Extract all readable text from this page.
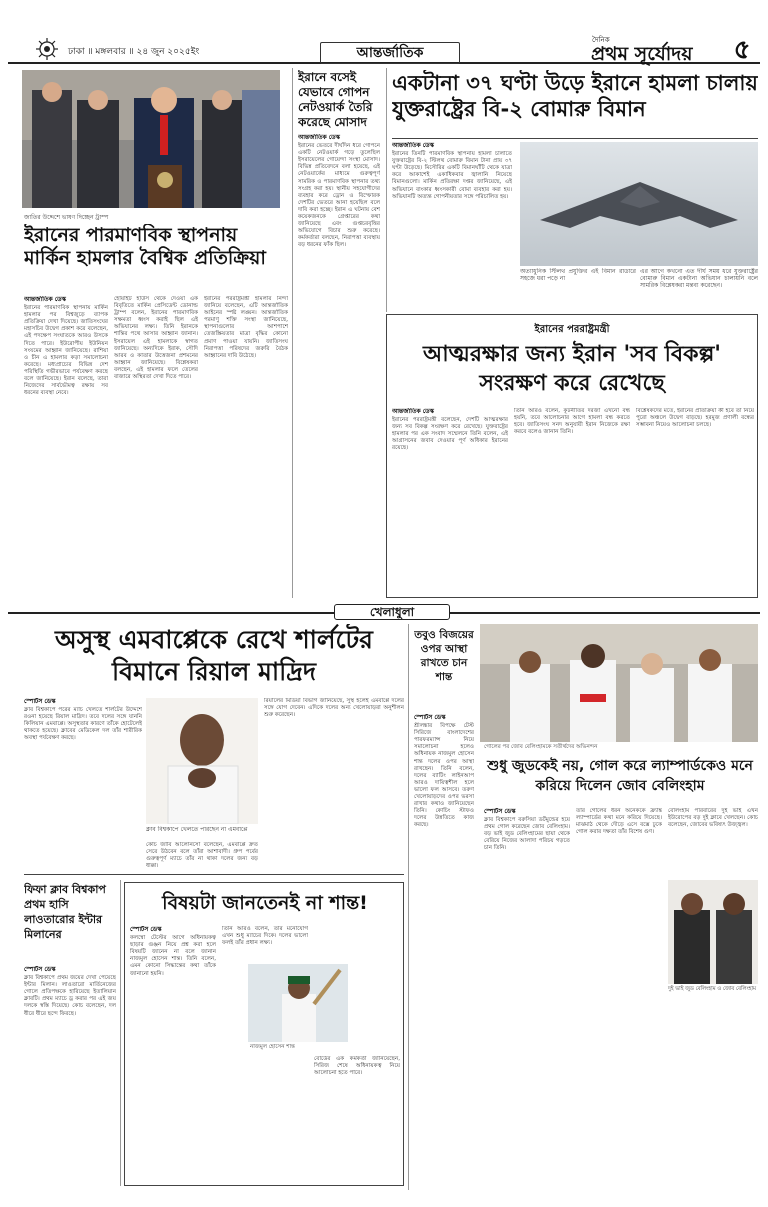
ঢাকা ॥ মঙ্গলবার ॥ ২৪ জুন ২০২৫ইং	আন্তর্জাতিক
দৈনিক
প্রথম সূর্যোদয়	৫
জাতির উদ্দেশে ভাষণ দিচ্ছেন ট্রাম্প
ইরানের পারমাণবিক স্থাপনায় মার্কিন হামলার বৈশ্বিক প্রতিক্রিয়া
আন্তর্জাতিক ডেস্ক
ইরানের পারমাণবিক স্থাপনায় মার্কিন হামলার পর বিশ্বজুড়ে ব্যাপক প্রতিক্রিয়া দেখা দিয়েছে। জাতিসংঘের মহাসচিব উদ্বেগ প্রকাশ করে বলেছেন, এই পদক্ষেপ সংঘাতকে আরও উসকে দিতে পারে। ইউরোপীয় ইউনিয়ন সংযমের আহ্বান জানিয়েছে। রাশিয়া ও চীন এ হামলার কড়া সমালোচনা করেছে। মধ্যপ্রাচ্যের বিভিন্ন দেশ পরিস্থিতি গভীরভাবে পর্যবেক্ষণ করছে বলে জানিয়েছে। ইরান বলেছে, তারা নিজেদের সার্বভৌমত্ব রক্ষায় সব ধরনের ব্যবস্থা নেবে।
হোয়াইট হাউস থেকে দেওয়া এক বিবৃতিতে মার্কিন প্রেসিডেন্ট ডোনাল্ড ট্রাম্প বলেন, ইরানের পারমাণবিক সক্ষমতা ধ্বংস করাই ছিল এই অভিযানের লক্ষ্য। তিনি ইরানকে শান্তির পথে আসার আহ্বান জানান। ইসরায়েল এই হামলাকে স্বাগত জানিয়েছে। অন্যদিকে ইরাক, সৌদি আরব ও কাতার উত্তেজনা প্রশমনের আহ্বান জানিয়েছে। বিশ্লেষকরা বলছেন, এই হামলার ফলে তেলের বাজারে অস্থিরতা দেখা দিতে পারে।
ইরানের পররাষ্ট্রমন্ত্রী হামলার নিন্দা জানিয়ে বলেছেন, এটি আন্তর্জাতিক আইনের স্পষ্ট লঙ্ঘন। আন্তর্জাতিক পরমাণু শক্তি সংস্থা জানিয়েছে, স্থাপনাগুলোর আশপাশে তেজস্ক্রিয়তার মাত্রা বৃদ্ধির কোনো প্রমাণ পাওয়া যায়নি। জাতিসংঘ নিরাপত্তা পরিষদের জরুরি বৈঠক আহ্বানের দাবি উঠেছে।
ইরানে বসেই যেভাবে গোপন নেটওয়ার্ক তৈরি করেছে মোসাদ
আন্তর্জাতিক ডেস্ক
ইরানের ভেতরে দীর্ঘদিন ধরে গোপনে একটি নেটওয়ার্ক গড়ে তুলেছিল ইসরায়েলের গোয়েন্দা সংস্থা মোসাদ। বিভিন্ন প্রতিবেদনে বলা হয়েছে, এই নেটওয়ার্কের মাধ্যমে গুরুত্বপূর্ণ সামরিক ও পারমাণবিক স্থাপনার তথ্য সংগ্রহ করা হয়। স্থানীয় সহযোগীদের ব্যবহার করে ড্রোন ও বিস্ফোরক দেশটির ভেতরে আনা হয়েছিল বলে দাবি করা হচ্ছে। ইরান এ ঘটনায় বেশ কয়েকজনকে গ্রেপ্তারের কথা জানিয়েছে এবং গুপ্তচরবৃত্তির অভিযোগে বিচার শুরু করেছে। কর্মকর্তারা বলছেন, নিরাপত্তা ব্যবস্থায় বড় ধরনের ফাঁক ছিল।
একটানা ৩৭ ঘণ্টা উড়ে ইরানে হামলা চালায় যুক্তরাষ্ট্রের বি-২ বোমারু বিমান
আন্তর্জাতিক ডেস্ক
ইরানের তিনটি পারমাণবিক স্থাপনায় হামলা চালাতে যুক্তরাষ্ট্রের বি-২ স্টিলথ বোমারু বিমান টানা প্রায় ৩৭ ঘণ্টা উড়েছে। মিসৌরির একটি বিমানঘাঁটি থেকে যাত্রা করে আকাশেই একাধিকবার জ্বালানি নিয়েছে বিমানগুলো। মার্কিন প্রতিরক্ষা দপ্তর জানিয়েছে, এই অভিযানে বাংকার ধ্বংসকারী বোমা ব্যবহার করা হয়। অভিযানটি অত্যন্ত গোপনীয়তার সঙ্গে পরিচালিত হয়।
অত্যাধুনিক স্টিলথ প্রযুক্তির এই বিমান রাডারে সহজে ধরা পড়ে না
এর আগে কখনো এত দীর্ঘ সময় ধরে যুক্তরাষ্ট্রের বোমারু বিমান একটানা অভিযান চালায়নি বলে সামরিক বিশ্লেষকরা মন্তব্য করেছেন।
ইরানের পররাষ্ট্রমন্ত্রী
আত্মরক্ষার জন্য ইরান 'সব বিকল্প' সংরক্ষণ করে রেখেছে
আন্তর্জাতিক ডেস্ক
ইরানের পররাষ্ট্রমন্ত্রী বলেছেন, দেশটি আত্মরক্ষার জন্য সব বিকল্প সংরক্ষণ করে রেখেছে। যুক্তরাষ্ট্রের হামলার পর এক সংবাদ সম্মেলনে তিনি বলেন, এই আগ্রাসনের জবাব দেওয়ার পূর্ণ অধিকার ইরানের রয়েছে।
তিনি আরও বলেন, কূটনীতির দরজা এখনো বন্ধ হয়নি, তবে আলোচনার আগে হামলা বন্ধ করতে হবে। জাতিসংঘ সনদ অনুযায়ী ইরান নিজেকে রক্ষা করবে বলেও জানান তিনি।
বিশ্লেষকদের মতে, ইরানের প্রতিক্রিয়া কী হবে তা নিয়ে পুরো অঞ্চলে উদ্বেগ বাড়ছে। হরমুজ প্রণালী বন্ধের সম্ভাবনা নিয়েও আলোচনা চলছে।
খেলাধুলা
অসুস্থ এমবাপ্পেকে রেখে শার্লটের বিমানে রিয়াল মাদ্রিদ
স্পোর্টস ডেস্ক
ক্লাব বিশ্বকাপে পরের ম্যাচ খেলতে শার্লটের উদ্দেশে রওনা হয়েছে রিয়াল মাদ্রিদ। তবে দলের সঙ্গে যাননি কিলিয়ান এমবাপ্পে। অসুস্থতার কারণে তাঁকে হোটেলেই থাকতে হয়েছে। ক্লাবের মেডিকেল দল তাঁর শারীরিক অবস্থা পর্যবেক্ষণ করছে।
ক্লাব বিশ্বকাপে খেলতে পারছেন না এমবাপ্পে
কোচ জাবি আলোনসো বলেছেন, এমবাপ্পে দ্রুত সেরে উঠবেন বলে তাঁরা আশাবাদী। গ্রুপ পর্বের গুরুত্বপূর্ণ ম্যাচে তাঁর না থাকা দলের জন্য বড় ধাক্কা।
রিয়ালের মিডিয়া বিভাগ জানিয়েছে, সুস্থ হলেই এমবাপ্পে দলের সঙ্গে যোগ দেবেন। এদিকে দলের অন্য খেলোয়াড়রা অনুশীলন শুরু করেছেন।
তবুও বিজয়ের ওপর আস্থা রাখতে চান শান্ত
স্পোর্টস ডেস্ক
শ্রীলঙ্কার বিপক্ষে টেস্ট সিরিজে বাংলাদেশের পারফরম্যান্স নিয়ে সমালোচনা হলেও অধিনায়ক নাজমুল হোসেন শান্ত দলের ওপর আস্থা রাখছেন। তিনি বলেন, দলের ব্যাটিং লাইনআপ আরও দায়িত্বশীল হলে ভালো ফল আসবে। তরুণ খেলোয়াড়দের ওপর ভরসা রাখার কথাও জানিয়েছেন তিনি। কোচিং স্টাফও দলের উন্নতিতে কাজ করছে।
গোলের পর জোব বেলিংহামকে সতীর্থদের অভিনন্দন
শুধু জুডকেই নয়, গোল করে ল্যাম্পার্ডকেও মনে করিয়ে দিলেন জোব বেলিংহাম
স্পোর্টস ডেস্ক
ক্লাব বিশ্বকাপে বরুসিয়া ডর্টমুন্ডের হয়ে প্রথম গোল করেছেন জোব বেলিংহাম। বড় ভাই জুড বেলিংহামের ছায়া থেকে বেরিয়ে নিজের আলাদা পরিচয় গড়তে চান তিনি।
তাঁর গোলের ধরন অনেককে ফ্র্যাঙ্ক ল্যাম্পার্ডের কথা মনে করিয়ে দিয়েছে। মাঝমাঠ থেকে দৌড়ে এসে বক্সে ঢুকে গোল করার দক্ষতা তাঁর বিশেষ গুণ।
বেলিংহাম পরিবারের দুই ভাই এখন ইউরোপের বড় দুই ক্লাবে খেলছেন। কোচ বলেছেন, জোবের ভবিষ্যৎ উজ্জ্বল।
দুই ভাই জুড বেলিংহাম ও জোব বেলিংহাম
ফিফা ক্লাব বিশ্বকাপ প্রথম হাসি লাওতারোর ইন্টার মিলানের
স্পোর্টস ডেস্ক
ক্লাব বিশ্বকাপে প্রথম জয়ের দেখা পেয়েছে ইন্টার মিলান। লাওতারো মার্তিনেজের গোলে প্রতিপক্ষকে হারিয়েছে ইতালিয়ান ক্লাবটি। প্রথম ম্যাচে ড্র করার পর এই জয় দলকে স্বস্তি দিয়েছে। কোচ বলেছেন, দল ধীরে ধীরে ছন্দে ফিরছে।
বিষয়টা জানতেনই না শান্ত!
স্পোর্টস ডেস্ক
কলম্বো টেস্টের আগে অধিনায়কত্ব ছাড়ার গুঞ্জন নিয়ে প্রশ্ন করা হলে বিষয়টি জানেন না বলে জানান নাজমুল হোসেন শান্ত। তিনি বলেন, এমন কোনো সিদ্ধান্তের কথা তাঁকে জানানো হয়নি।
তিনি আরও বলেন, তাঁর মনোযোগ এখন শুধু ম্যাচের দিকে। দলের ভালো ফলই তাঁর প্রধান লক্ষ্য।
নাজমুল হোসেন শান্ত
বোর্ডের এক কর্মকর্তা জানিয়েছেন, সিরিজ শেষে অধিনায়কত্ব নিয়ে আলোচনা হতে পারে।
